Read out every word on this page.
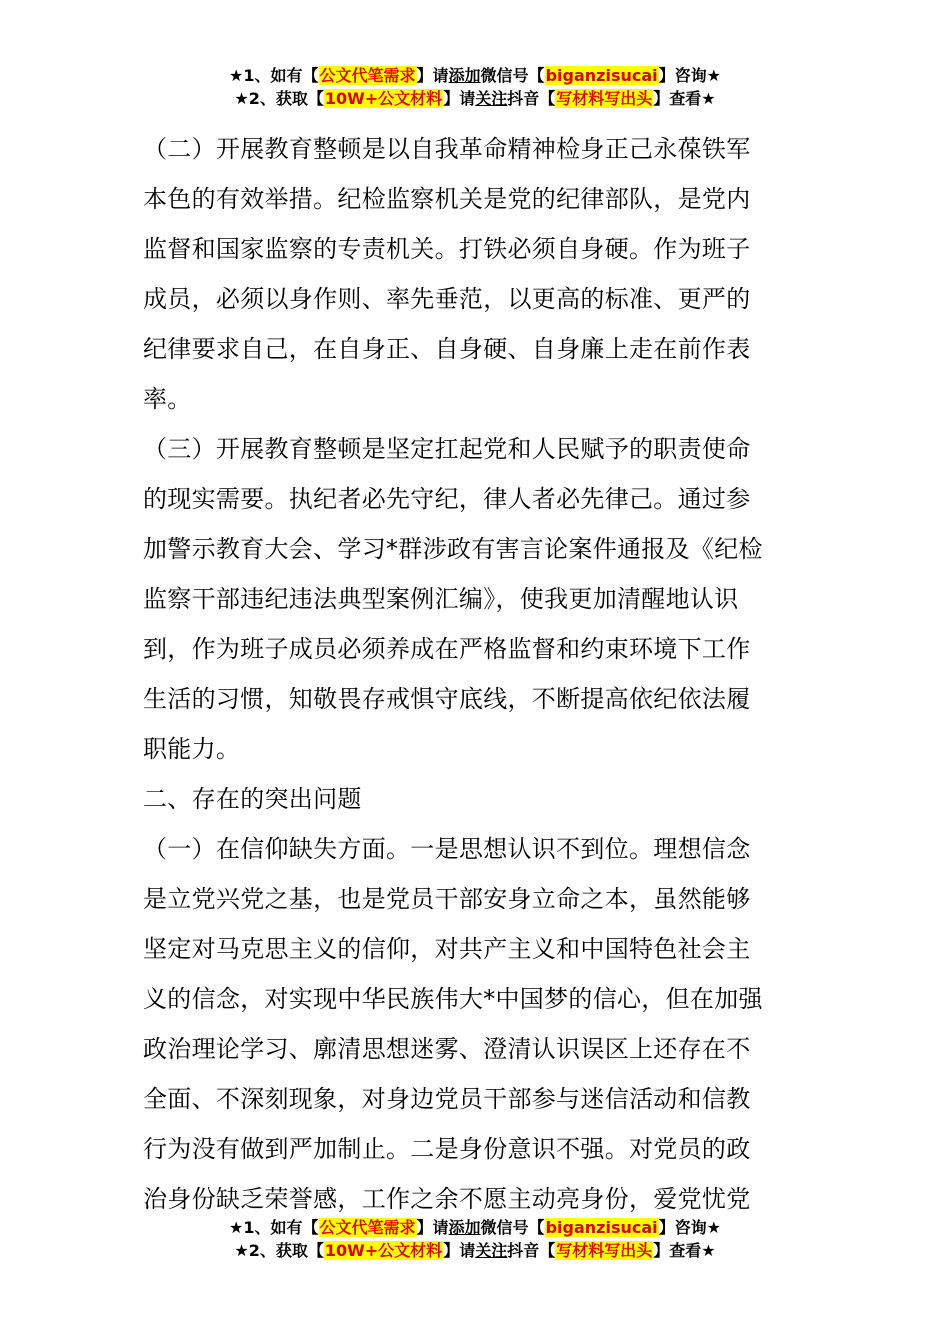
★1、如有【公文代笔需求】请添加微信号【biganzisucai】咨询★
★2、获取【10W+公文材料】请关注抖音【写材料写出头】查看★
（二）开展教育整顿是以自我革命精神检身正己永葆铁军
本色的有效举措。纪检监察机关是党的纪律部队，是党内
监督和国家监察的专责机关。打铁必须自身硬。作为班子
成员，必须以身作则、率先垂范，以更高的标准、更严的
纪律要求自己，在自身正、自身硬、自身廉上走在前作表
率。
（三）开展教育整顿是坚定扛起党和人民赋予的职责使命
的现实需要。执纪者必先守纪，律人者必先律己。通过参
加警示教育大会、学习*群涉政有害言论案件通报及《纪检
监察干部违纪违法典型案例汇编》，使我更加清醒地认识
到，作为班子成员必须养成在严格监督和约束环境下工作
生活的习惯，知敬畏存戒惧守底线，不断提高依纪依法履
职能力。
二、存在的突出问题
（一）在信仰缺失方面。一是思想认识不到位。理想信念
是立党兴党之基，也是党员干部安身立命之本，虽然能够
坚定对马克思主义的信仰，对共产主义和中国特色社会主
义的信念，对实现中华民族伟大*中国梦的信心，但在加强
政治理论学习、廓清思想迷雾、澄清认识误区上还存在不
全面、不深刻现象，对身边党员干部参与迷信活动和信教
行为没有做到严加制止。二是身份意识不强。对党员的政
治身份缺乏荣誉感，工作之余不愿主动亮身份，爱党忧党
★1、如有【公文代笔需求】请添加微信号【biganzisucai】咨询★
★2、获取【10W+公文材料】请关注抖音【写材料写出头】查看★
